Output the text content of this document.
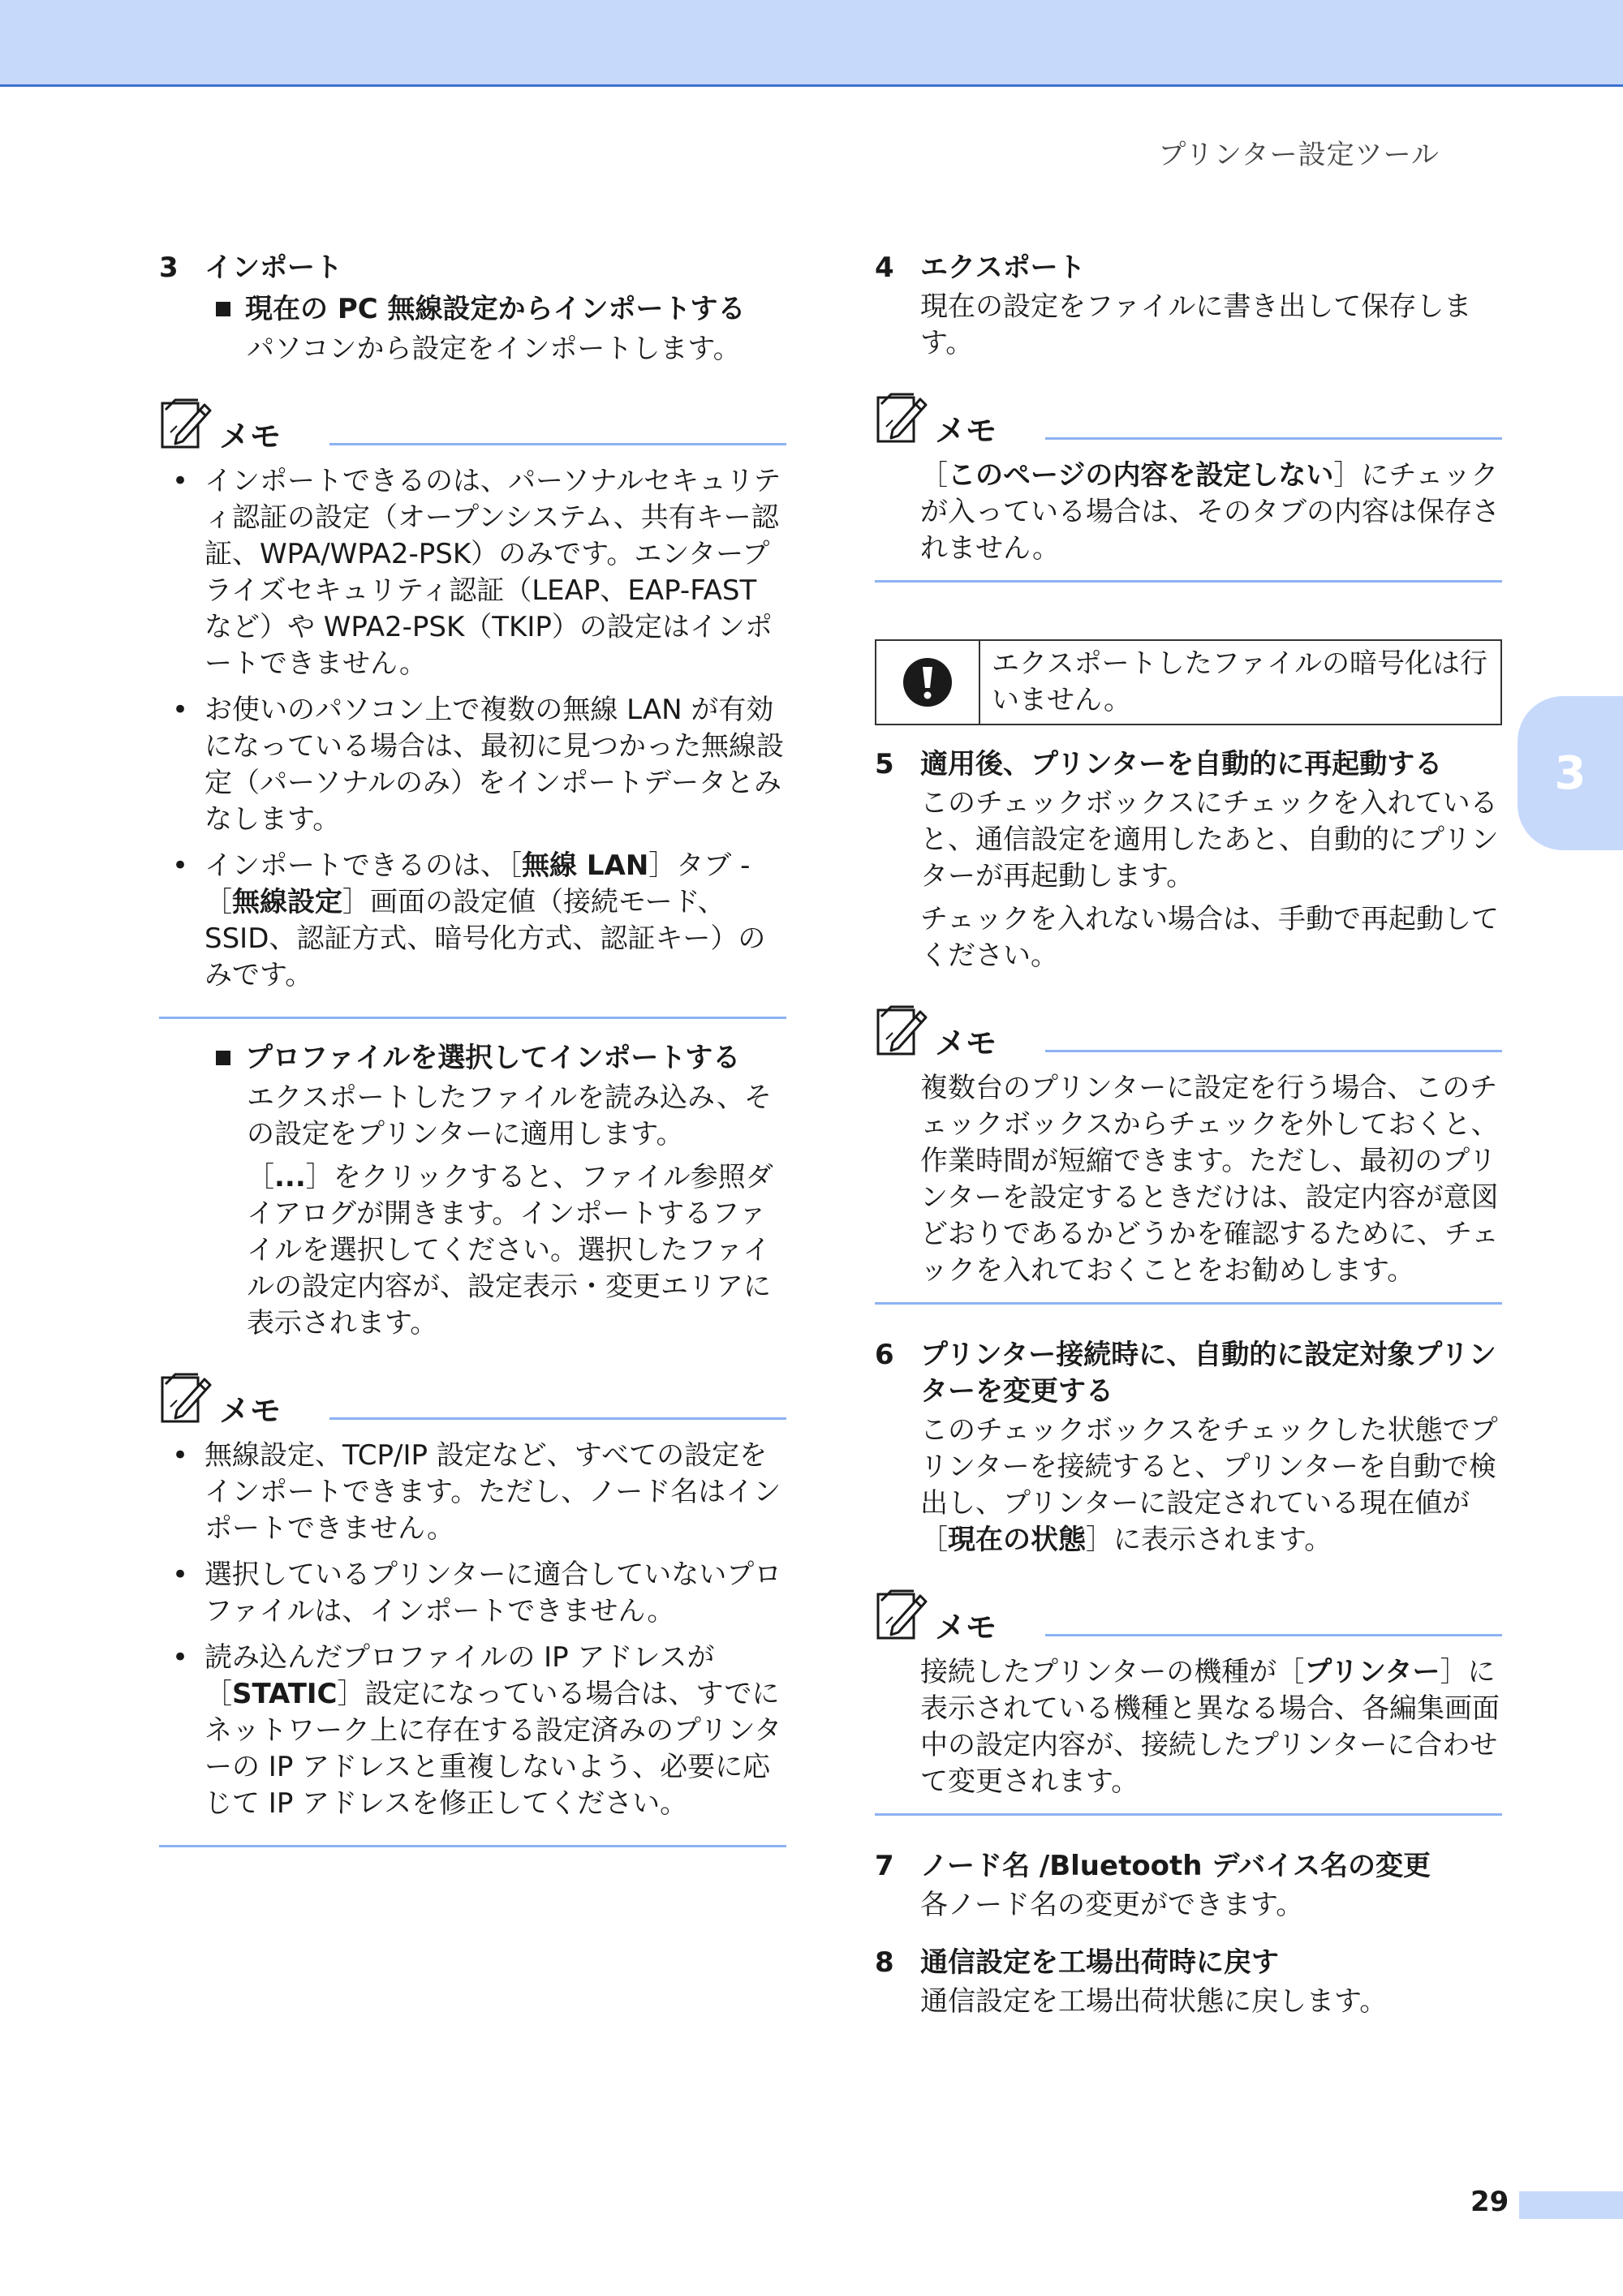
プリンター設定ツール
3
3 インポート
現在の PC 無線設定からインポートする

パソコンから設定をインポートします。

メモ
• インポートできるのは、パーソナルセキュリティ認証の設定（オープンシステム、共有キー認証、WPA/WPA2-PSK）のみです。エンタープライズセキュリティ認証（LEAP、EAP-FAST など）や WPA2-PSK（TKIP）の設定はインポートできません。
• お使いのパソコン上で複数の無線 LAN が有効になっている場合は、最初に見つかった無線設定（パーソナルのみ）をインポートデータとみなします。
• インポートできるのは、［無線 LAN］タブ -［無線設定］画面の設定値（接続モード、SSID、認証方式、暗号化方式、認証キー）のみです。
プロファイルを選択してインポートする

エクスポートしたファイルを読み込み、その設定をプリンターに適用します。

［...］をクリックすると、ファイル参照ダイアログが開きます。インポートするファイルを選択してください。選択したファイルの設定内容が、設定表示・変更エリアに表示されます。

メモ
• 無線設定、TCP/IP 設定など、すべての設定をインポートできます。ただし、ノード名はインポートできません。
• 選択しているプリンターに適合していないプロファイルは、インポートできません。
• 読み込んだプロファイルの IP アドレスが［STATIC］設定になっている場合は、すでにネットワーク上に存在する設定済みのプリンターの IP アドレスと重複しないよう、必要に応じて IP アドレスを修正してください。
4 エクスポート
現在の設定をファイルに書き出して保存します。
メモ
［このページの内容を設定しない］にチェックが入っている場合は、そのタブの内容は保存されません。
エクスポートしたファイルの暗号化は行いません。
5 適用後、プリンターを自動的に再起動する
このチェックボックスにチェックを入れていると、通信設定を適用したあと、自動的にプリンターが再起動します。
チェックを入れない場合は、手動で再起動してください。
メモ
複数台のプリンターに設定を行う場合、このチェックボックスからチェックを外しておくと、作業時間が短縮できます。ただし、最初のプリンターを設定するときだけは、設定内容が意図どおりであるかどうかを確認するために、チェックを入れておくことをお勧めします。
6 プリンター接続時に、自動的に設定対象プリンターを変更する
このチェックボックスをチェックした状態でプリンターを接続すると、プリンターを自動で検出し、プリンターに設定されている現在値が［現在の状態］に表示されます。
メモ
接続したプリンターの機種が［プリンター］に表示されている機種と異なる場合、各編集画面中の設定内容が、接続したプリンターに合わせて変更されます。
7 ノード名 /Bluetooth デバイス名の変更
各ノード名の変更ができます。
8 通信設定を工場出荷時に戻す
通信設定を工場出荷状態に戻します。
29
